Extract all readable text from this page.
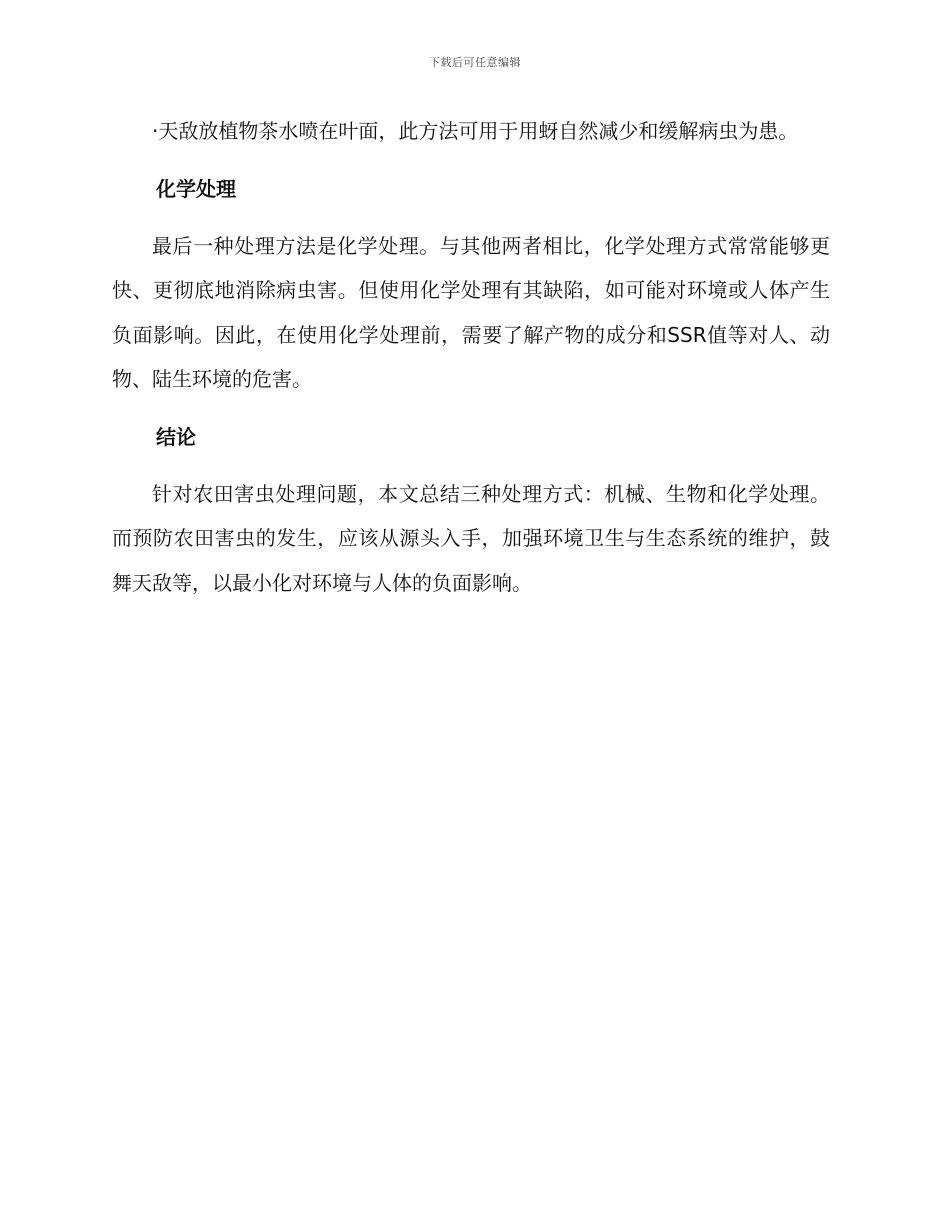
下载后可任意编辑

·天敌放植物茶水喷在叶面，此方法可用于用蚜自然减少和缓解病虫为患。

化学处理

最后一种处理方法是化学处理。与其他两者相比，化学处理方式常常能够更快、更彻底地消除病虫害。但使用化学处理有其缺陷，如可能对环境或人体产生负面影响。因此，在使用化学处理前，需要了解产物的成分和SSR值等对人、动物、陆生环境的危害。

结论

针对农田害虫处理问题，本文总结三种处理方式：机械、生物和化学处理。而预防农田害虫的发生，应该从源头入手，加强环境卫生与生态系统的维护，鼓舞天敌等，以最小化对环境与人体的负面影响。
